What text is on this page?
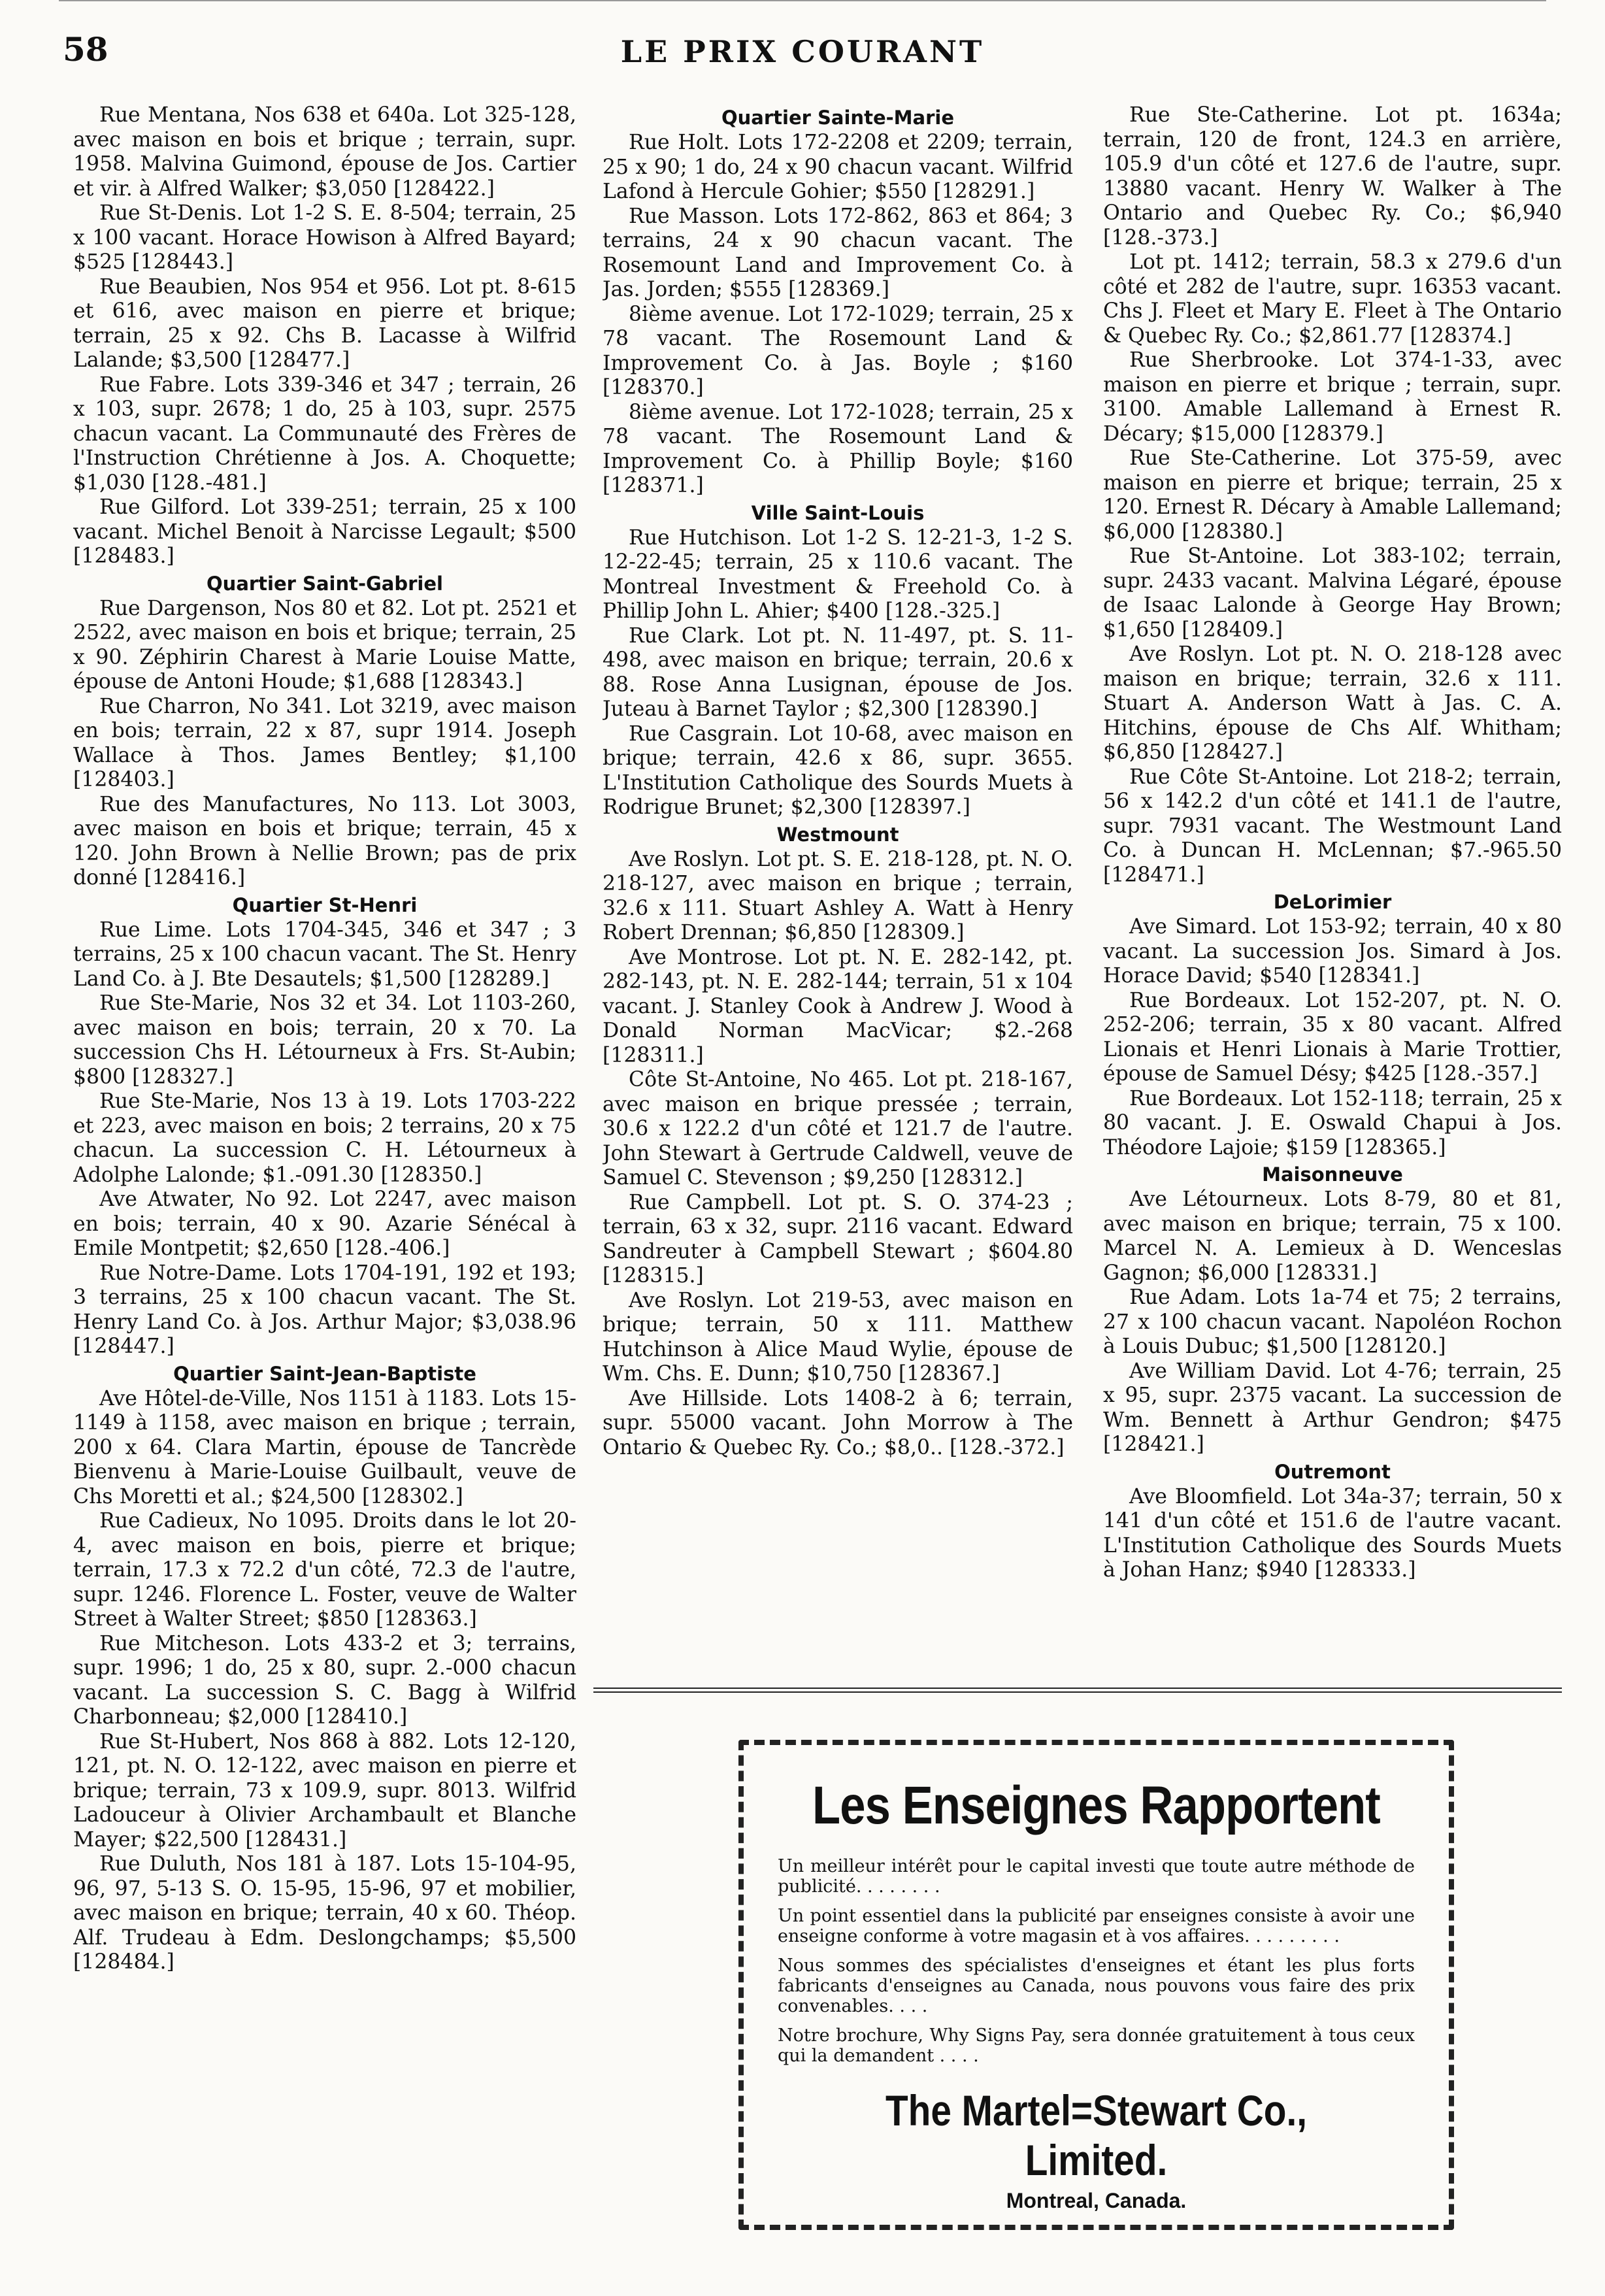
58	LE PRIX COURANT

Rue Mentana, Nos 638 et 640a. Lot 325-128, avec maison en bois et brique ; terrain, supr. 1958. Malvina Guimond, épouse de Jos. Cartier et vir. à Alfred Walker; $3,050 [128422.]

Rue St-Denis. Lot 1-2 S. E. 8-504; terrain, 25 x 100 vacant. Horace Howison à Alfred Bayard; $525 [128443.]

Rue Beaubien, Nos 954 et 956. Lot pt. 8-615 et 616, avec maison en pierre et brique; terrain, 25 x 92. Chs B. Lacasse à Wilfrid Lalande; $3,500 [128477.]

Rue Fabre. Lots 339-346 et 347 ; terrain, 26 x 103, supr. 2678; 1 do, 25 à 103, supr. 2575 chacun vacant. La Communauté des Frères de l'Instruction Chrétienne à Jos. A. Choquette; $1,030 [128.-481.]

Rue Gilford. Lot 339-251; terrain, 25 x 100 vacant. Michel Benoit à Narcisse Legault; $500 [128483.]

Quartier Saint-Gabriel

Rue Dargenson, Nos 80 et 82. Lot pt. 2521 et 2522, avec maison en bois et brique; terrain, 25 x 90. Zéphirin Charest à Marie Louise Matte, épouse de Antoni Houde; $1,688 [128343.]

Rue Charron, No 341. Lot 3219, avec maison en bois; terrain, 22 x 87, supr 1914. Joseph Wallace à Thos. James Bentley; $1,100 [128403.]

Rue des Manufactures, No 113. Lot 3003, avec maison en bois et brique; terrain, 45 x 120. John Brown à Nellie Brown; pas de prix donné [128416.]

Quartier St-Henri

Rue Lime. Lots 1704-345, 346 et 347 ; 3 terrains, 25 x 100 chacun vacant. The St. Henry Land Co. à J. Bte Desautels; $1,500 [128289.]

Rue Ste-Marie, Nos 32 et 34. Lot 1103-260, avec maison en bois; terrain, 20 x 70. La succession Chs H. Létourneux à Frs. St-Aubin; $800 [128327.]

Rue Ste-Marie, Nos 13 à 19. Lots 1703-222 et 223, avec maison en bois; 2 terrains, 20 x 75 chacun. La succession C. H. Létourneux à Adolphe Lalonde; $1.-091.30 [128350.]

Ave Atwater, No 92. Lot 2247, avec maison en bois; terrain, 40 x 90. Azarie Sénécal à Emile Montpetit; $2,650 [128.-406.]

Rue Notre-Dame. Lots 1704-191, 192 et 193; 3 terrains, 25 x 100 chacun vacant. The St. Henry Land Co. à Jos. Arthur Major; $3,038.96 [128447.]

Quartier Saint-Jean-Baptiste

Ave Hôtel-de-Ville, Nos 1151 à 1183. Lots 15-1149 à 1158, avec maison en brique ; terrain, 200 x 64. Clara Martin, épouse de Tancrède Bienvenu à Marie-Louise Guilbault, veuve de Chs Moretti et al.; $24,500 [128302.]

Rue Cadieux, No 1095. Droits dans le lot 20-4, avec maison en bois, pierre et brique; terrain, 17.3 x 72.2 d'un côté, 72.3 de l'autre, supr. 1246. Florence L. Foster, veuve de Walter Street à Walter Street; $850 [128363.]

Rue Mitcheson. Lots 433-2 et 3; terrains, supr. 1996; 1 do, 25 x 80, supr. 2.-000 chacun vacant. La succession S. C. Bagg à Wilfrid Charbonneau; $2,000 [128410.]

Rue St-Hubert, Nos 868 à 882. Lots 12-120, 121, pt. N. O. 12-122, avec maison en pierre et brique; terrain, 73 x 109.9, supr. 8013. Wilfrid Ladouceur à Olivier Archambault et Blanche Mayer; $22,500 [128431.]

Rue Duluth, Nos 181 à 187. Lots 15-104-95, 96, 97, 5-13 S. O. 15-95, 15-96, 97 et mobilier, avec maison en brique; terrain, 40 x 60. Théop. Alf. Trudeau à Edm. Deslongchamps; $5,500 [128484.]

Quartier Sainte-Marie

Rue Holt. Lots 172-2208 et 2209; terrain, 25 x 90; 1 do, 24 x 90 chacun vacant. Wilfrid Lafond à Hercule Gohier; $550 [128291.]

Rue Masson. Lots 172-862, 863 et 864; 3 terrains, 24 x 90 chacun vacant. The Rosemount Land and Improvement Co. à Jas. Jorden; $555 [128369.]

8ième avenue. Lot 172-1029; terrain, 25 x 78 vacant. The Rosemount Land & Improvement Co. à Jas. Boyle ; $160 [128370.]

8ième avenue. Lot 172-1028; terrain, 25 x 78 vacant. The Rosemount Land & Improvement Co. à Phillip Boyle; $160 [128371.]

Ville Saint-Louis

Rue Hutchison. Lot 1-2 S. 12-21-3, 1-2 S. 12-22-45; terrain, 25 x 110.6 vacant. The Montreal Investment & Freehold Co. à Phillip John L. Ahier; $400 [128.-325.]

Rue Clark. Lot pt. N. 11-497, pt. S. 11-498, avec maison en brique; terrain, 20.6 x 88. Rose Anna Lusignan, épouse de Jos. Juteau à Barnet Taylor ; $2,300 [128390.]

Rue Casgrain. Lot 10-68, avec maison en brique; terrain, 42.6 x 86, supr. 3655. L'Institution Catholique des Sourds Muets à Rodrigue Brunet; $2,300 [128397.]

Westmount

Ave Roslyn. Lot pt. S. E. 218-128, pt. N. O. 218-127, avec maison en brique ; terrain, 32.6 x 111. Stuart Ashley A. Watt à Henry Robert Drennan; $6,850 [128309.]

Ave Montrose. Lot pt. N. E. 282-142, pt. 282-143, pt. N. E. 282-144; terrain, 51 x 104 vacant. J. Stanley Cook à Andrew J. Wood à Donald Norman MacVicar; $2.-268 [128311.]

Côte St-Antoine, No 465. Lot pt. 218-167, avec maison en brique pressée ; terrain, 30.6 x 122.2 d'un côté et 121.7 de l'autre. John Stewart à Gertrude Caldwell, veuve de Samuel C. Stevenson ; $9,250 [128312.]

Rue Campbell. Lot pt. S. O. 374-23 ; terrain, 63 x 32, supr. 2116 vacant. Edward Sandreuter à Campbell Stewart ; $604.80 [128315.]

Ave Roslyn. Lot 219-53, avec maison en brique; terrain, 50 x 111. Matthew Hutchinson à Alice Maud Wylie, épouse de Wm. Chs. E. Dunn; $10,750 [128367.]

Ave Hillside. Lots 1408-2 à 6; terrain, supr. 55000 vacant. John Morrow à The Ontario & Quebec Ry. Co.; $8,0.. [128.-372.]

Rue Ste-Catherine. Lot pt. 1634a; terrain, 120 de front, 124.3 en arrière, 105.9 d'un côté et 127.6 de l'autre, supr. 13880 vacant. Henry W. Walker à The Ontario and Quebec Ry. Co.; $6,940 [128.-373.]

Lot pt. 1412; terrain, 58.3 x 279.6 d'un côté et 282 de l'autre, supr. 16353 vacant. Chs J. Fleet et Mary E. Fleet à The Ontario & Quebec Ry. Co.; $2,861.77 [128374.]

Rue Sherbrooke. Lot 374-1-33, avec maison en pierre et brique ; terrain, supr. 3100. Amable Lallemand à Ernest R. Décary; $15,000 [128379.]

Rue Ste-Catherine. Lot 375-59, avec maison en pierre et brique; terrain, 25 x 120. Ernest R. Décary à Amable Lallemand; $6,000 [128380.]

Rue St-Antoine. Lot 383-102; terrain, supr. 2433 vacant. Malvina Légaré, épouse de Isaac Lalonde à George Hay Brown; $1,650 [128409.]

Ave Roslyn. Lot pt. N. O. 218-128 avec maison en brique; terrain, 32.6 x 111. Stuart A. Anderson Watt à Jas. C. A. Hitchins, épouse de Chs Alf. Whitham; $6,850 [128427.]

Rue Côte St-Antoine. Lot 218-2; terrain, 56 x 142.2 d'un côté et 141.1 de l'autre, supr. 7931 vacant. The Westmount Land Co. à Duncan H. McLennan; $7.-965.50 [128471.]

DeLorimier

Ave Simard. Lot 153-92; terrain, 40 x 80 vacant. La succession Jos. Simard à Jos. Horace David; $540 [128341.]

Rue Bordeaux. Lot 152-207, pt. N. O. 252-206; terrain, 35 x 80 vacant. Alfred Lionais et Henri Lionais à Marie Trottier, épouse de Samuel Désy; $425 [128.-357.]

Rue Bordeaux. Lot 152-118; terrain, 25 x 80 vacant. J. E. Oswald Chapui à Jos. Théodore Lajoie; $159 [128365.]

Maisonneuve

Ave Létourneux. Lots 8-79, 80 et 81, avec maison en brique; terrain, 75 x 100. Marcel N. A. Lemieux à D. Wenceslas Gagnon; $6,000 [128331.]

Rue Adam. Lots 1a-74 et 75; 2 terrains, 27 x 100 chacun vacant. Napoléon Rochon à Louis Dubuc; $1,500 [128120.]

Ave William David. Lot 4-76; terrain, 25 x 95, supr. 2375 vacant. La succession de Wm. Bennett à Arthur Gendron; $475 [128421.]

Outremont

Ave Bloomfield. Lot 34a-37; terrain, 50 x 141 d'un côté et 151.6 de l'autre vacant. L'Institution Catholique des Sourds Muets à Johan Hanz; $940 [128333.]

Les Enseignes Rapportent

Un meilleur intérêt pour le capital investi que toute autre méthode de publicité. . . . . . . .

Un point essentiel dans la publicité par enseignes consiste à avoir une enseigne conforme à votre magasin et à vos affaires. . . . . . . . .

Nous sommes des spécialistes d'enseignes et étant les plus forts fabricants d'enseignes au Canada, nous pouvons vous faire des prix convenables. . . .

Notre brochure, Why Signs Pay, sera donnée gratuitement à tous ceux qui la demandent . . . .

The Martel=Stewart Co., Limited.
Montreal, Canada.
